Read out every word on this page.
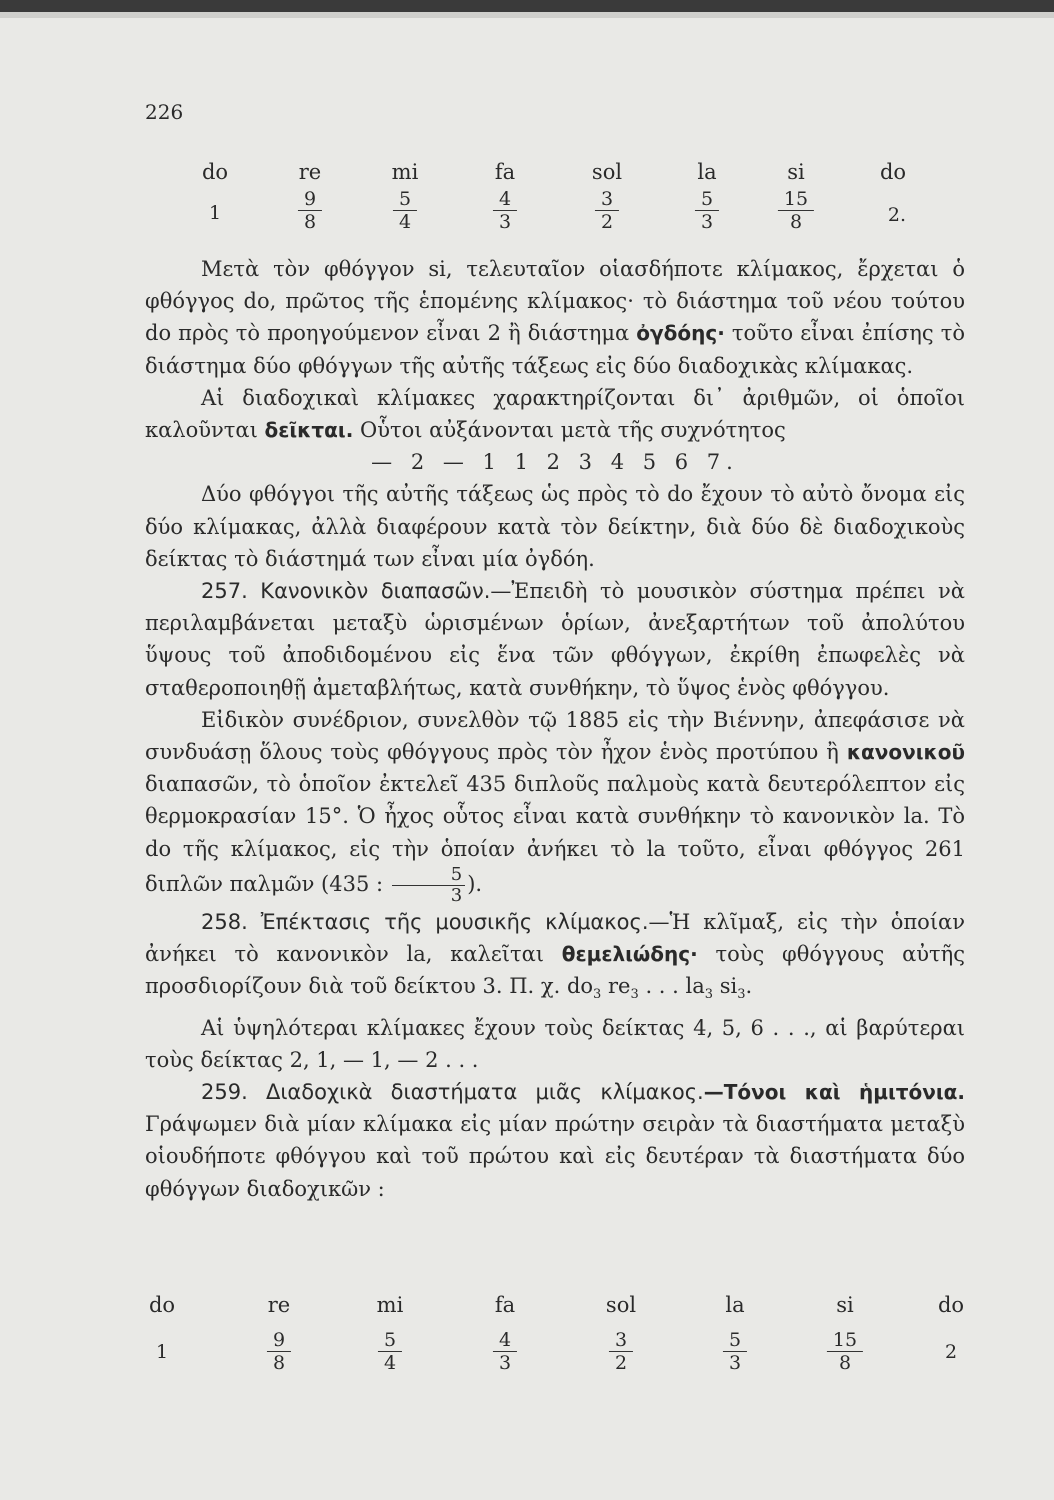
226
do	re	mi	fa	sol	la	si	do
1	$\frac{9}{8}$	$\frac{5}{4}$	$\frac{4}{3}$	$\frac{3}{2}$	$\frac{5}{3}$	$\frac{15}{8}$	2.

Μετὰ τὸν φθόγγον si, τελευταῖον οἱασδήποτε κλίμακος, ἔρχεται ὁ φθόγγος do, πρῶτος τῆς ἑπομένης κλίμακος· τὸ διάστημα τοῦ νέου τούτου do πρὸς τὸ προηγούμενον εἶναι 2 ἢ διάστημα ὀγδόης· τοῦτο εἶναι ἐπίσης τὸ διάστημα δύο φθόγγων τῆς αὐτῆς τάξεως εἰς δύο διαδοχικὰς κλίμακας.

Αἱ διαδοχικαὶ κλίμακες χαρακτηρίζονται δι᾽ ἀριθμῶν, οἱ ὁποῖοι καλοῦνται δεῖκται. Οὗτοι αὐξάνονται μετὰ τῆς συχνότητος

— 2 — 1 1 2 3 4 5 6 7.

Δύο φθόγγοι τῆς αὐτῆς τάξεως ὡς πρὸς τὸ do ἔχουν τὸ αὐτὸ ὄνομα εἰς δύο κλίμακας, ἀλλὰ διαφέρουν κατὰ τὸν δείκτην, διὰ δύο δὲ διαδοχικοὺς δείκτας τὸ διάστημά των εἶναι μία ὀγδόη.

257. Κανονικὸν διαπασῶν.—Ἐπειδὴ τὸ μουσικὸν σύστημα πρέπει νὰ περιλαμβάνεται μεταξὺ ὡρισμένων ὁρίων, ἀνεξαρτήτων τοῦ ἀπολύτου ὕψους τοῦ ἀποδιδομένου εἰς ἕνα τῶν φθόγγων, ἐκρίθη ἐπωφελὲς νὰ σταθεροποιηθῇ ἀμεταβλήτως, κατὰ συνθήκην, τὸ ὕψος ἑνὸς φθόγγου.

Εἰδικὸν συνέδριον, συνελθὸν τῷ 1885 εἰς τὴν Βιέννην, ἀπεφάσισε νὰ συνδυάσῃ ὅλους τοὺς φθόγγους πρὸς τὸν ἦχον ἑνὸς προτύπου ἢ κανονικοῦ διαπασῶν, τὸ ὁποῖον ἐκτελεῖ 435 διπλοῦς παλμοὺς κατὰ δευτερόλεπτον εἰς θερμοκρασίαν 15°. Ὁ ἦχος οὗτος εἶναι κατὰ συνθήκην τὸ κανονικὸν la. Τὸ do τῆς κλίμακος, εἰς τὴν ὁποίαν ἀνήκει τὸ la τοῦτο, εἶναι φθόγγος 261 διπλῶν παλμῶν (435 : $\frac{5}{3}$ ).

258. Ἐπέκτασις τῆς μουσικῆς κλίμακος.—Ἡ κλῖμαξ, εἰς τὴν ὁποίαν ἀνήκει τὸ κανονικὸν la, καλεῖται θεμελιώδης· τοὺς φθόγγους αὐτῆς προσδιορίζουν διὰ τοῦ δείκτου 3. Π. χ. $do_3$ $re_3$ . . . $la_3$ $si_3$.

Αἱ ὑψηλότεραι κλίμακες ἔχουν τοὺς δείκτας 4, 5, 6 . . ., αἱ βαρύτεραι τοὺς δείκτας 2, 1, — 1, — 2 . . .

259. Διαδοχικὰ διαστήματα μιᾶς κλίμακος.—Τόνοι καὶ ἡμιτόνια. Γράψωμεν διὰ μίαν κλίμακα εἰς μίαν πρώτην σειρὰν τὰ διαστήματα μεταξὺ οἱουδήποτε φθόγγου καὶ τοῦ πρώτου καὶ εἰς δευτέραν τὰ διαστήματα δύο φθόγγων διαδοχικῶν :

do	re	mi	fa	sol	la	si	do
1	$\frac{9}{8}$	$\frac{5}{4}$	$\frac{4}{3}$	$\frac{3}{2}$	$\frac{5}{3}$	$\frac{15}{8}$	2
